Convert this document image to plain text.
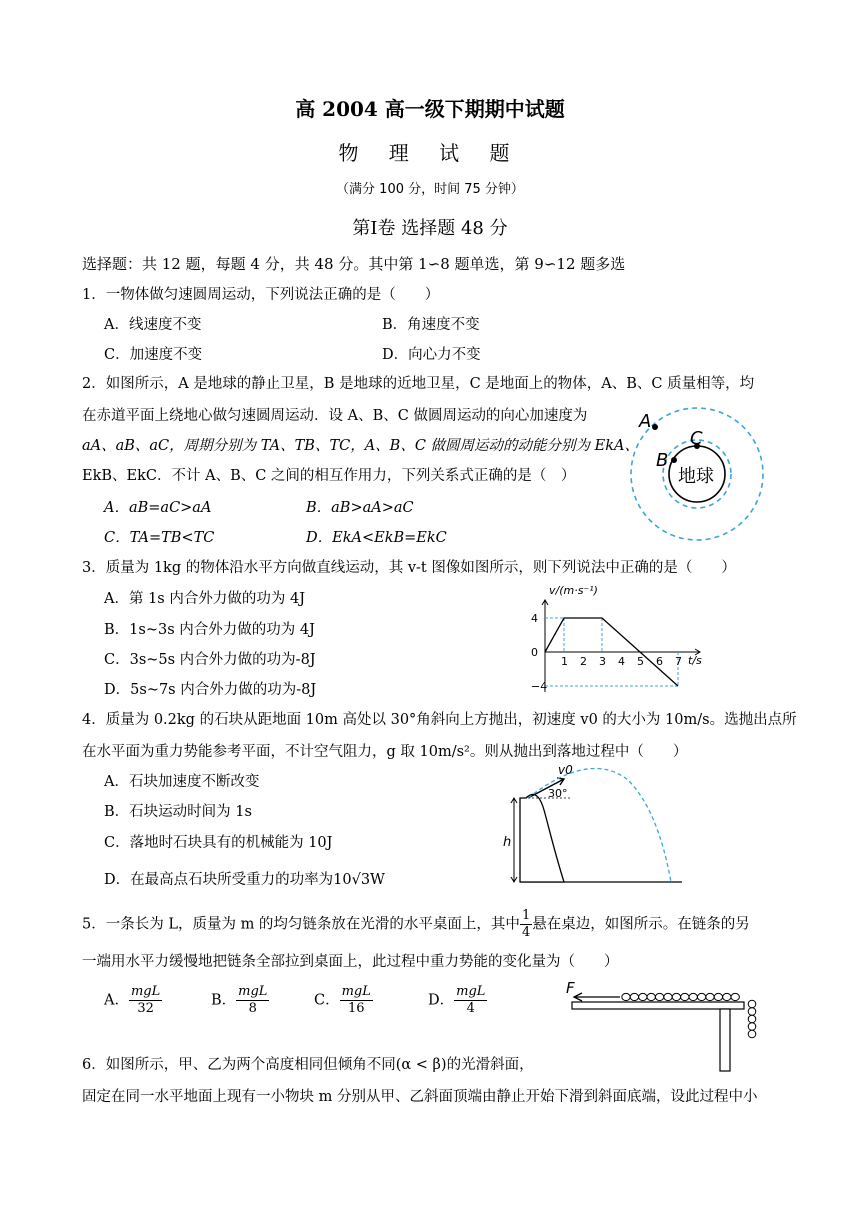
高 2004 高一级下期期中试题
物 理 试 题
（满分 100 分，时间 75 分钟）
第Ⅰ卷 选择题 48 分
选择题：共 12 题，每题 4 分，共 48 分。其中第 1∽8 题单选，第 9∽12 题多选
1．一物体做匀速圆周运动，下列说法正确的是（　　）
A．线速度不变	B．角速度不变
C．加速度不变	D．向心力不变
2．如图所示，A 是地球的静止卫星，B 是地球的近地卫星，C 是地面上的物体，A、B、C 质量相等，均
在赤道平面上绕地心做匀速圆周运动．设 A、B、C 做圆周运动的向心加速度为
aA、aB、aC，周期分别为 TA、TB、TC，A、B、C 做圆周运动的动能分别为 EkA、
EkB、EkC．不计 A、B、C 之间的相互作用力，下列关系式正确的是（　）
A．aB=aC>aA	B．aB>aA>aC
C．TA=TB<TC	D．EkA<EkB=EkC
A
B
C
地球
3．质量为 1kg 的物体沿水平方向做直线运动，其 v-t 图像如图所示，则下列说法中正确的是（　　）
A．第 1s 内合外力做的功为 4J
B．1s~3s 内合外力做的功为 4J
C．3s~5s 内合外力做的功为-8J
D．5s~7s 内合外力做的功为-8J
1 2 3 4 5 6 7
4
0
−4
v/(m·s⁻¹)
t/s
4．质量为 0.2kg 的石块从距地面 10m 高处以 30°角斜向上方抛出，初速度 v0 的大小为 10m/s。选抛出点所
在水平面为重力势能参考平面，不计空气阻力，g 取 10m/s²。则从抛出到落地过程中（　　）
A．石块加速度不断改变
B．石块运动时间为 1s
C．落地时石块具有的机械能为 10J
D．在最高点石块所受重力的功率为10√3W
h
v0
30°
5．一条长为 L，质量为 m 的均匀链条放在光滑的水平桌面上，其中 $\frac{1}{4}$ 悬在桌边，如图所示。在链条的另
一端用水平力缓慢地把链条全部拉到桌面上，此过程中重力势能的变化量为（　　）
A． $\frac{\text{mgL}}{32}$	B． $\frac{\text{mgL}}{8}$	C． $\frac{\text{mgL}}{16}$	D． $\frac{\text{mgL}}{4}$	F
6．如图所示，甲、乙为两个高度相同但倾角不同(α < β)的光滑斜面，
固定在同一水平地面上现有一小物块 m 分别从甲、乙斜面顶端由静止开始下滑到斜面底端，设此过程中小
